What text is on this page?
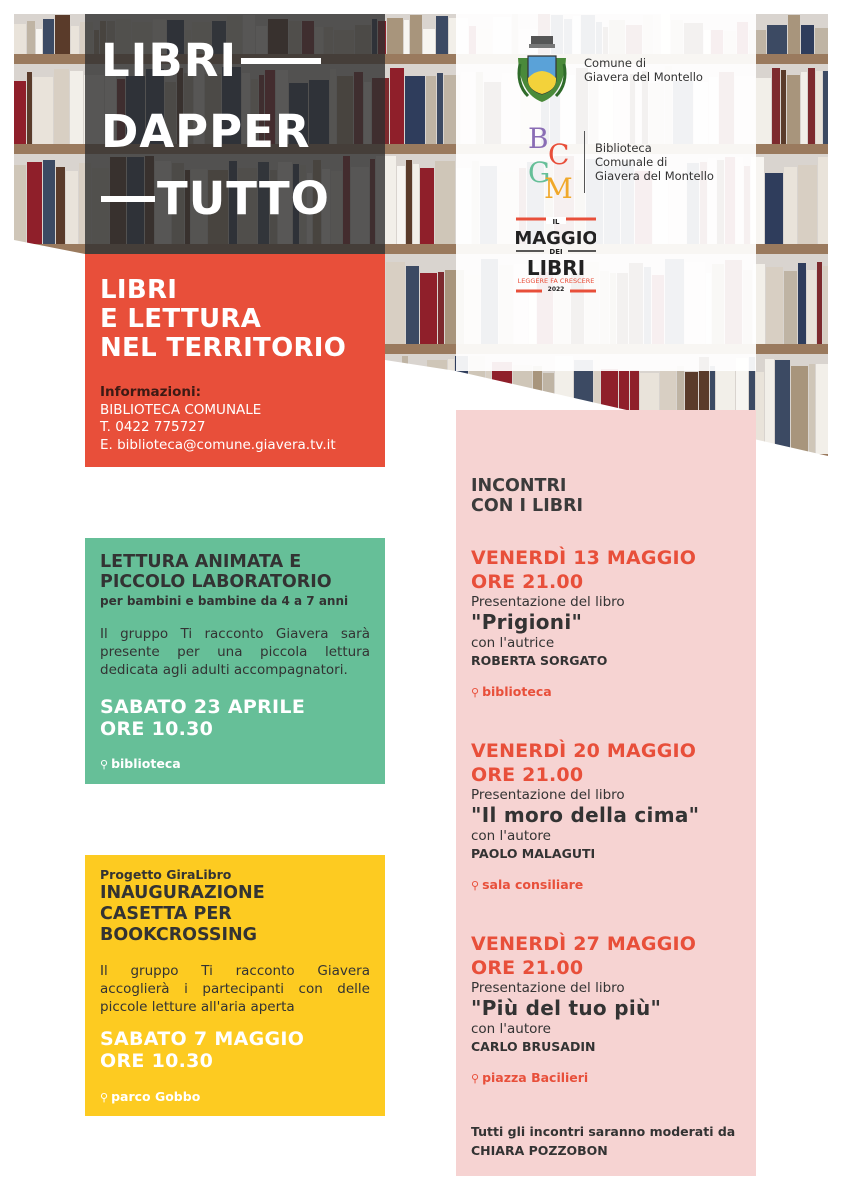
LIBRI
DAPPER
TUTTO
LIBRI
E LETTURA
NEL TERRITORIO
Informazioni:
BIBLIOTECA COMUNALE
T. 0422 775727
E. biblioteca@comune.giavera.tv.it
Comune di
Giavera del Montello
B C
G
M
Biblioteca
Comunale di
Giavera del Montello
IL
MAGGIO
DEI
LIBRI
LEGGERE FA CRESCERE
2022
INCONTRI
CON I LIBRI
VENERDÌ 13 MAGGIO
ORE 21.00
Presentazione del libro
"Prigioni"
con l'autrice
ROBERTA SORGATO
⚲ biblioteca
VENERDÌ 20 MAGGIO
ORE 21.00
Presentazione del libro
"Il moro della cima"
con l'autore
PAOLO MALAGUTI
⚲ sala consiliare
VENERDÌ 27 MAGGIO
ORE 21.00
Presentazione del libro
"Più del tuo più"
con l'autore
CARLO BRUSADIN
⚲ piazza Bacilieri
Tutti gli incontri saranno moderati da
CHIARA POZZOBON
LETTURA ANIMATA E
PICCOLO LABORATORIO
per bambini e bambine da 4 a 7 anni
Il gruppo Ti racconto Giavera sarà presente per una piccola lettura dedicata agli adulti accompagnatori.
SABATO 23 APRILE
ORE 10.30
⚲ biblioteca
Progetto GiraLibro
INAUGURAZIONE
CASETTA PER
BOOKCROSSING
Il gruppo Ti racconto Giavera accoglierà i partecipanti con delle piccole letture all'aria aperta
SABATO 7 MAGGIO
ORE 10.30
⚲ parco Gobbo
